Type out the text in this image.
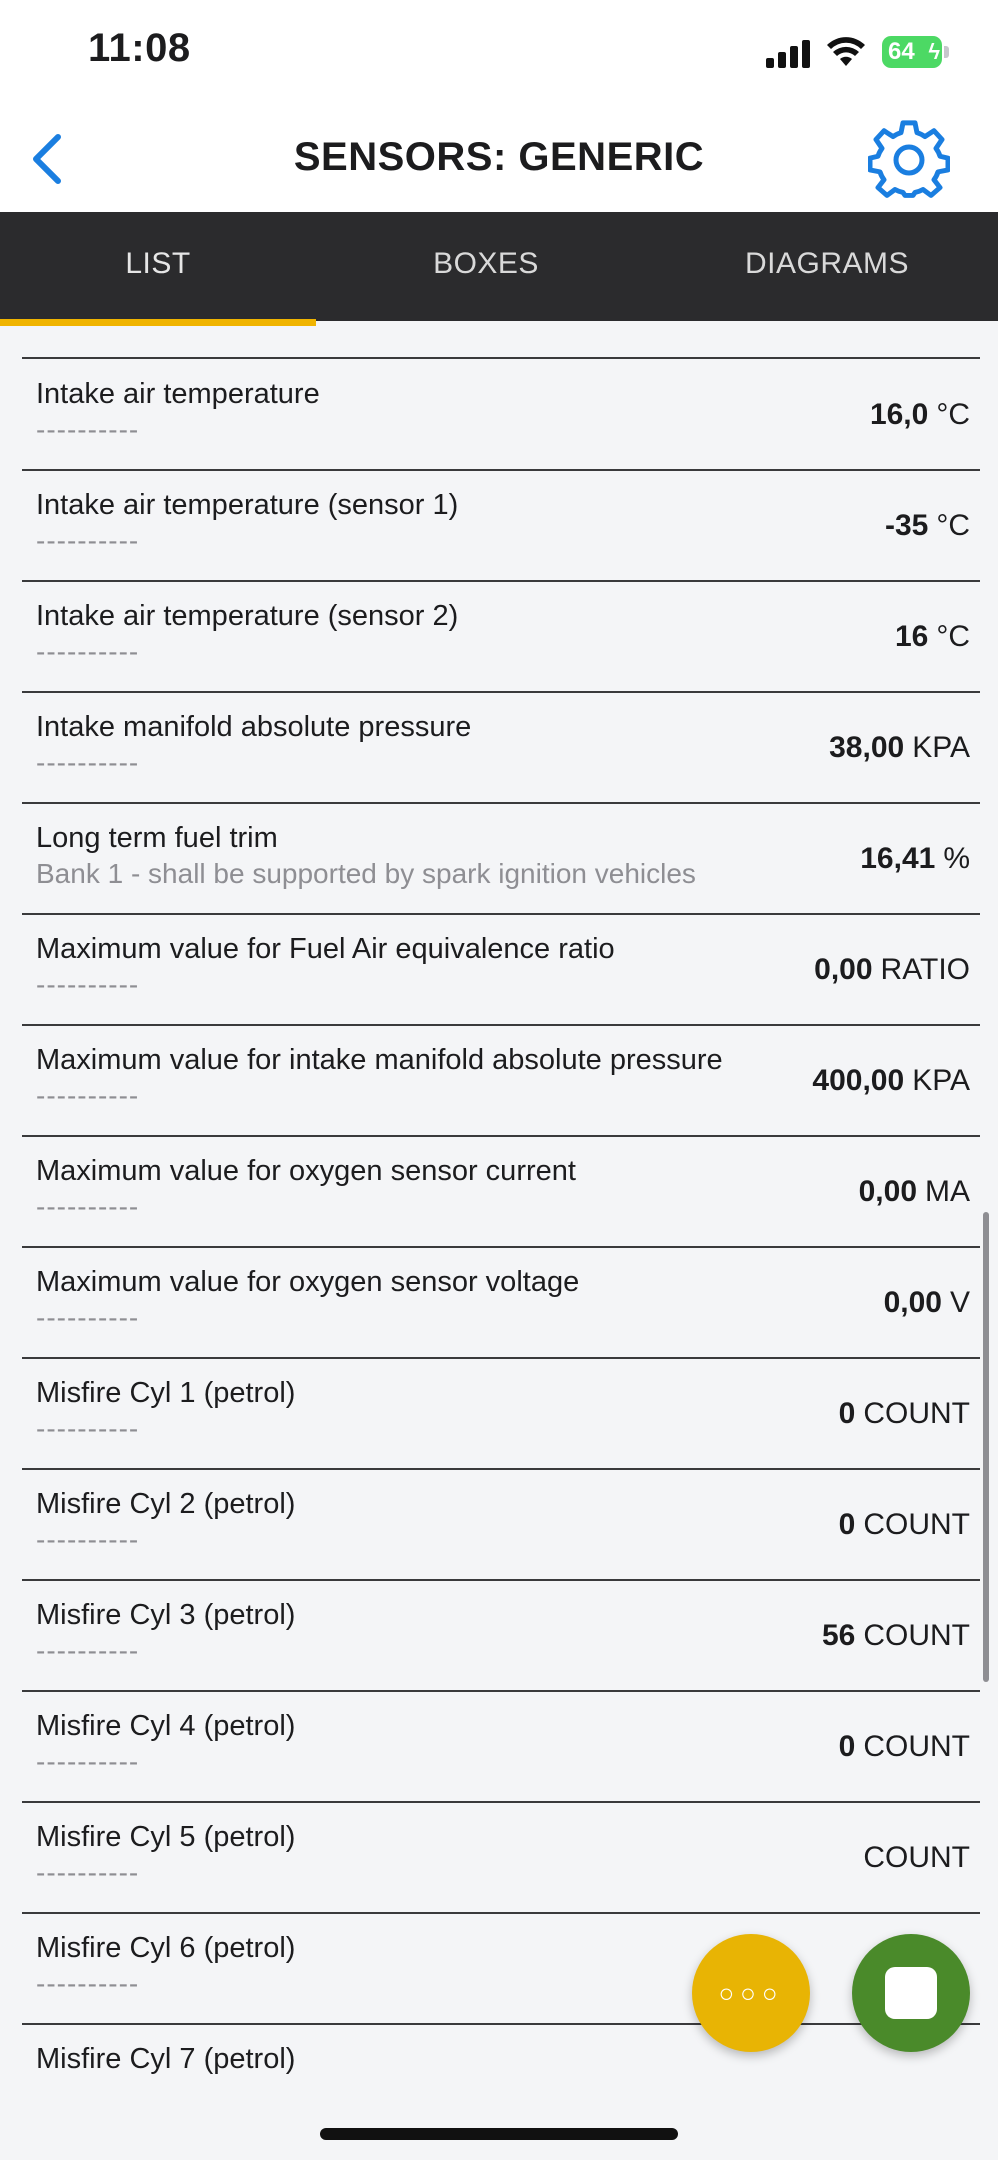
11:08	64 ϟ
SENSORS: GENERIC
LIST	BOXES	DIAGRAMS
Intake air temperature
----------	16,0 °C
Intake air temperature (sensor 1)
----------	-35 °C
Intake air temperature (sensor 2)
----------	16 °C
Intake manifold absolute pressure
----------	38,00 KPA
Long term fuel trim
Bank 1 - shall be supported by spark ignition vehicles	16,41 %
Maximum value for Fuel Air equivalence ratio
----------	0,00 RATIO
Maximum value for intake manifold absolute pressure
----------	400,00 KPA
Maximum value for oxygen sensor current
----------	0,00 MA
Maximum value for oxygen sensor voltage
----------	0,00 V
Misfire Cyl 1 (petrol)
----------	0 COUNT
Misfire Cyl 2 (petrol)
----------	0 COUNT
Misfire Cyl 3 (petrol)
----------	56 COUNT
Misfire Cyl 4 (petrol)
----------	0 COUNT
Misfire Cyl 5 (petrol)
----------	COUNT
Misfire Cyl 6 (petrol)
----------
Misfire Cyl 7 (petrol)
○○○
